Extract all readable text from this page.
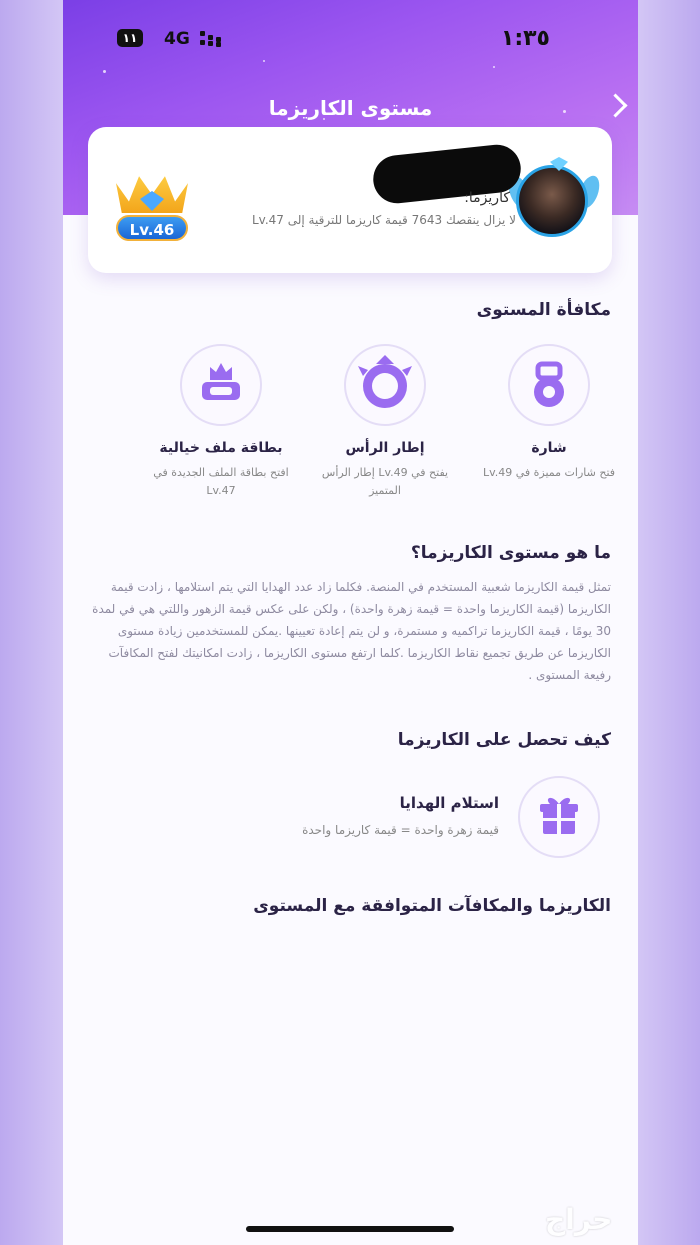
١١	4G	١:٣٥
مستوى الكاريزما
كاريزما:
لا يزال ينقصك 7643 قيمة كاريزما للترقية إلى Lv.47
Lv.46
مكافأة المستوى
شارة
فتح شارات مميزة في Lv.49
إطار الرأس
يفتح في Lv.49 إطار الرأس المتميز
بطاقة ملف خيالية
افتح بطاقة الملف الجديدة في Lv.47
ما هو مستوى الكاريزما؟
تمثل قيمة الكاريزما شعبية المستخدم في المنصة. فكلما زاد عدد الهدايا التي يتم استلامها ، زادت قيمة الكاريزما (قيمة الكاريزما واحدة = قيمة زهرة واحدة) ، ولكن على عكس قيمة الزهور واللتي هي في لمدة 30 يومًا ، قيمة الكاريزما تراكميه و مستمرة، و لن يتم إعادة تعيينها .يمكن للمستخدمين زيادة مستوى الكاريزما عن طريق تجميع نقاط الكاريزما .كلما ارتفع مستوى الكاريزما ، زادت امكانيتك لفتح المكافآت رفيعة المستوى .
كيف تحصل على الكاريزما
استلام الهدايا
قيمة زهرة واحدة = قيمة كاريزما واحدة
الكاريزما والمكافآت المتوافقة مع المستوى
حراج
